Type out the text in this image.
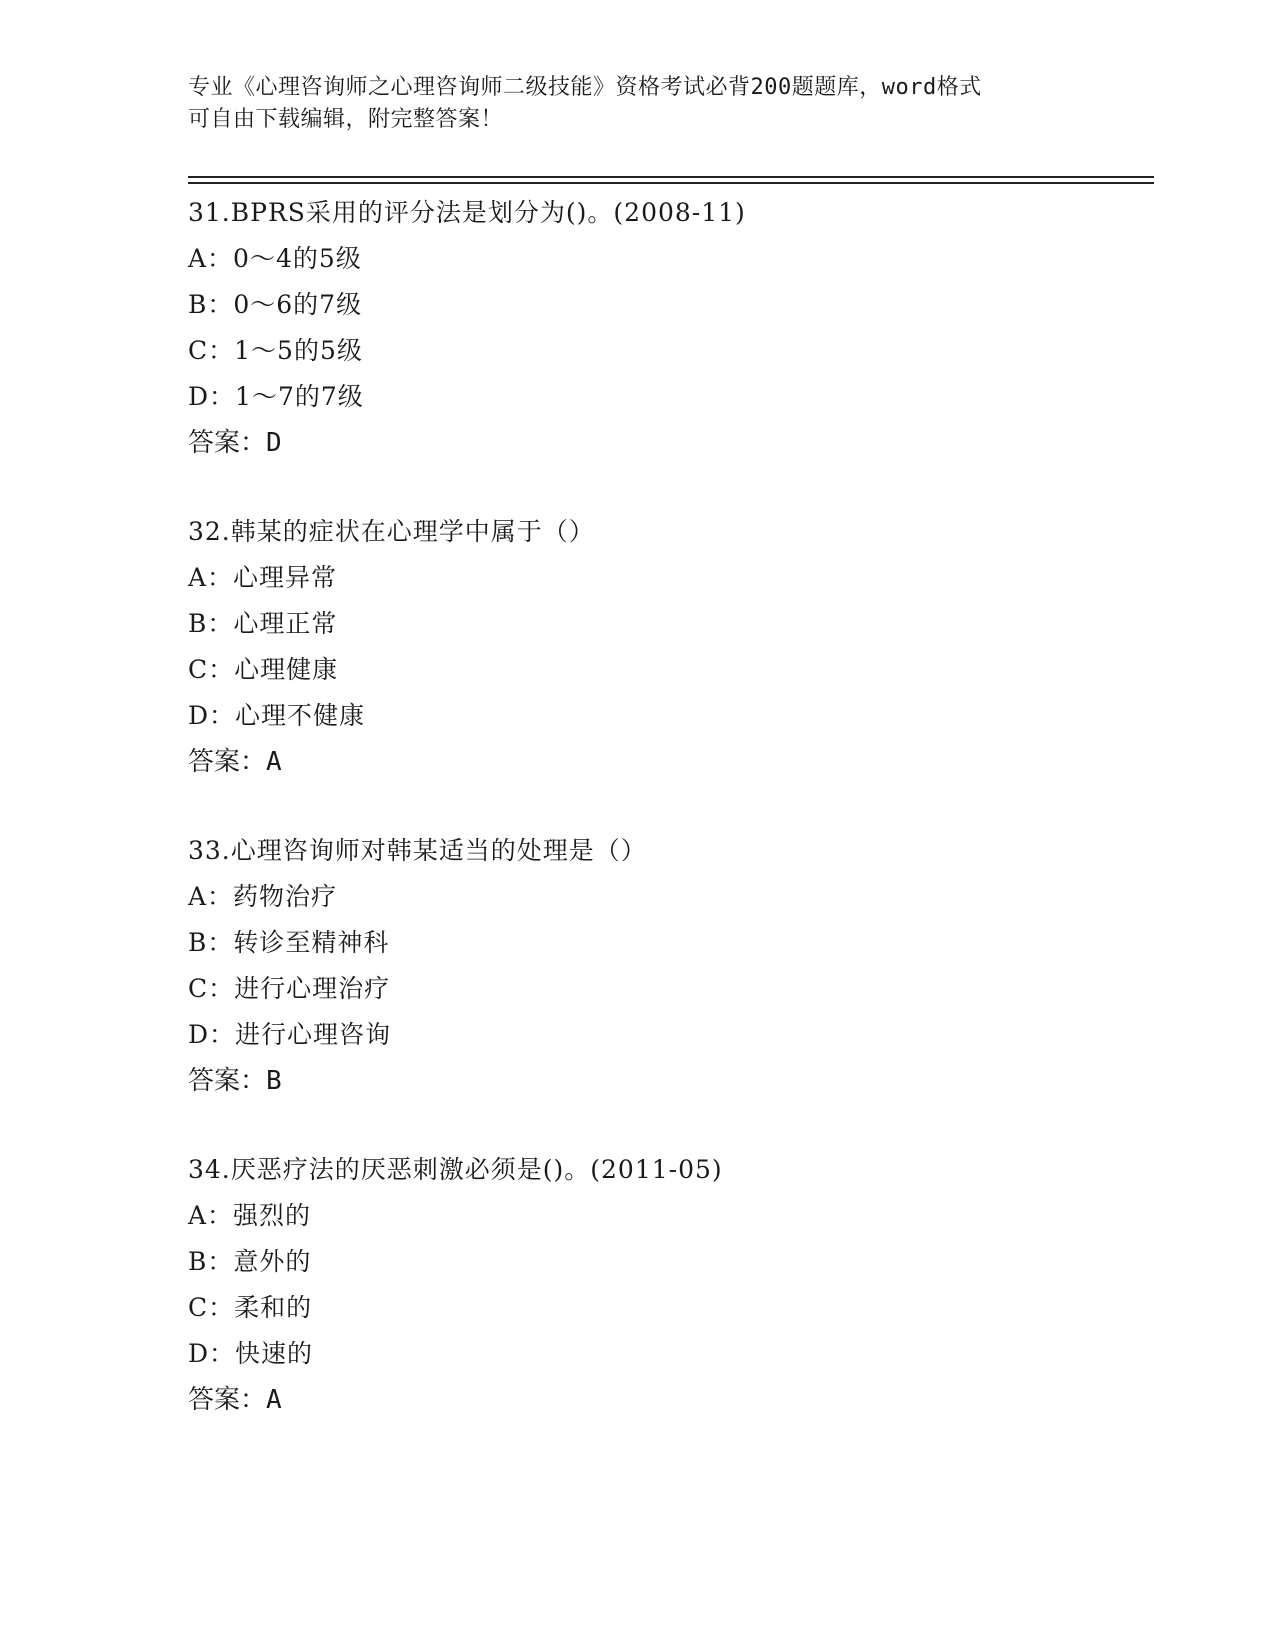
专业《心理咨询师之心理咨询师二级技能》资格考试必背200题题库，word格式
可自由下载编辑，附完整答案！
31.BPRS采用的评分法是划分为()。(2008-11)
A：0～4的5级
B：0～6的7级
C：1～5的5级
D：1～7的7级
答案：D
32.韩某的症状在心理学中属于（）
A：心理异常
B：心理正常
C：心理健康
D：心理不健康
答案：A
33.心理咨询师对韩某适当的处理是（）
A：药物治疗
B：转诊至精神科
C：进行心理治疗
D：进行心理咨询
答案：B
34.厌恶疗法的厌恶刺激必须是()。(2011-05)
A：强烈的
B：意外的
C：柔和的
D：快速的
答案：A
